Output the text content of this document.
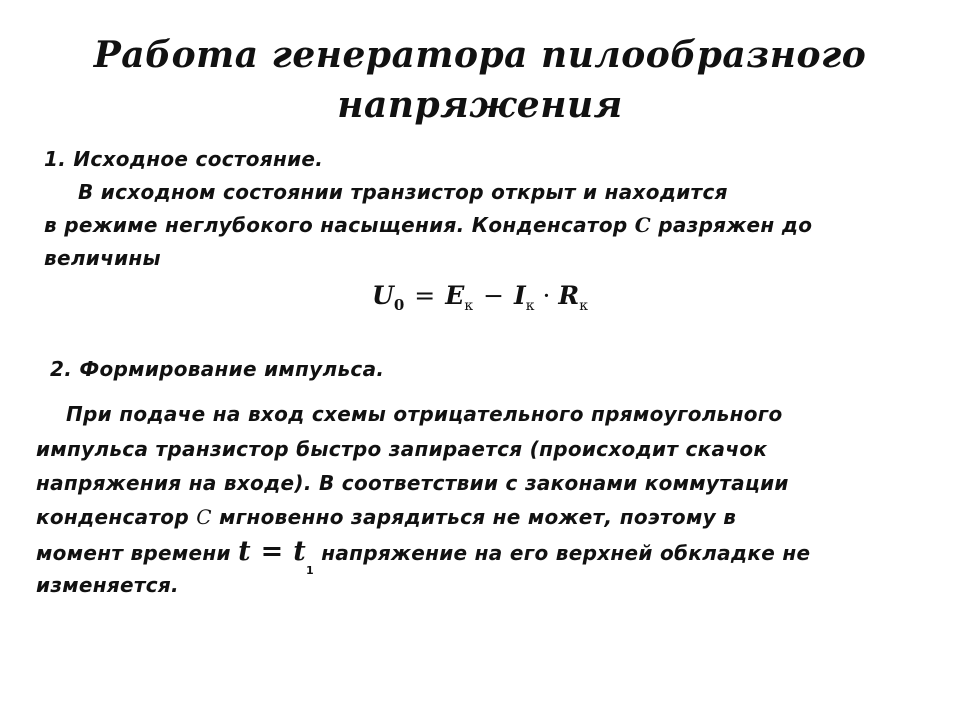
Работа генератора пилообразного
напряжения
1. Исходное состояние.
В исходном состоянии транзистор открыт и находится
в режиме неглубокого насыщения. Конденсатор C разряжен до
величины
$U_0 = E_к - I_к \cdot R_к$
2. Формирование импульса.
При подаче на вход схемы отрицательного прямоугольного
импульса транзистор быстро запирается (происходит скачок
напряжения на входе). В соответствии с законами коммутации
конденсатор C мгновенно зарядиться не может, поэтому в
момент времени $t = t_1$ напряжение на его верхней обкладке не
изменяется.
